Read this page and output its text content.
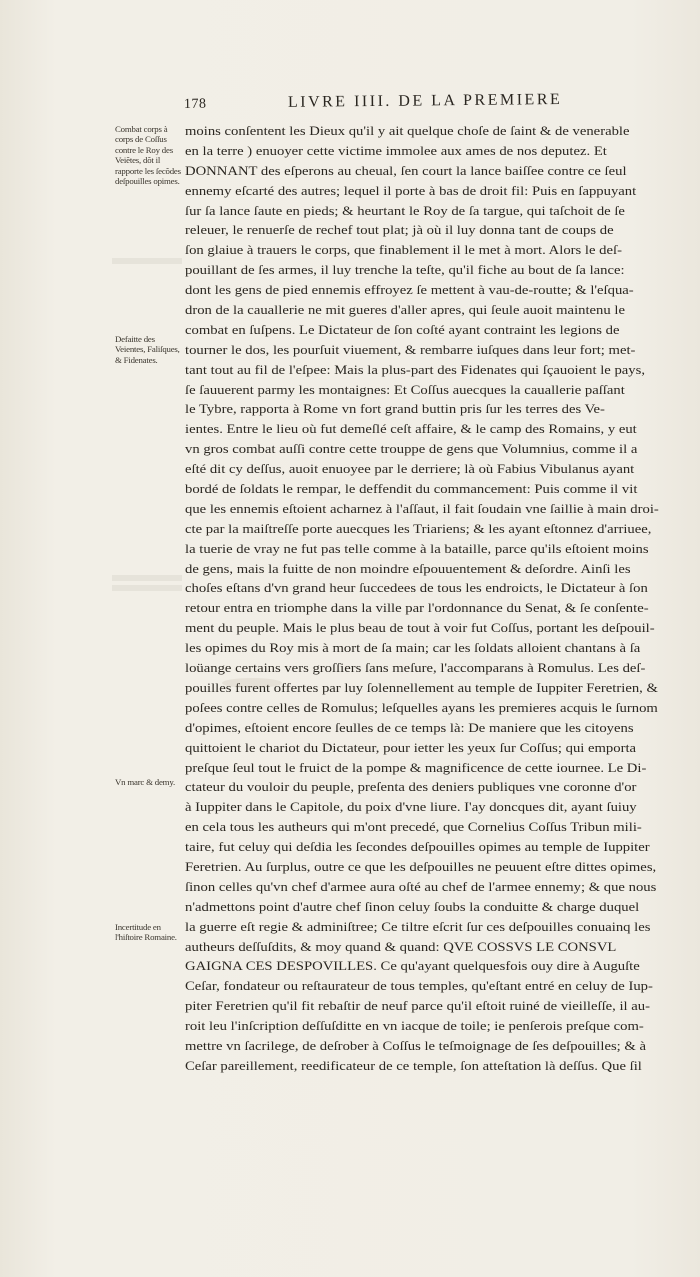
178	LIVRE IIII. DE LA PREMIERE
Combat corps à corps de Coſſus contre le Roy des Veiẽtes, dõt il rapporte les ſecõdes deſpouilles opimes.
Defaitte des Veientes, Faliſques, & Fidenates.
Vn marc & demy.
Incertitude en l'hiſtoire Romaine.
moins conſentent les Dieux qu'il y ait quelque choſe de ſaint & de venerable
en la terre ) enuoyer cette victime immolee aux ames de nos deputez. Et
DONNANT des eſperons au cheual, ſen court la lance baiſſee contre ce ſeul
ennemy eſcarté des autres; lequel il porte à bas de droit fil: Puis en ſappuyant
ſur ſa lance ſaute en pieds; & heurtant le Roy de ſa targue, qui taſchoit de ſe
releuer, le renuerſe de rechef tout plat; jà où il luy donna tant de coups de
ſon glaiue à trauers le corps, que finablement il le met à mort. Alors le deſ-
pouillant de ſes armes, il luy trenche la teſte, qu'il fiche au bout de ſa lance:
dont les gens de pied ennemis effroyez ſe mettent à vau-de-routte; & l'eſqua-
dron de la cauallerie ne mit gueres d'aller apres, qui ſeule auoit maintenu le
combat en ſuſpens. Le Dictateur de ſon coſté ayant contraint les legions de
tourner le dos, les pourſuit viuement, & rembarre iuſques dans leur fort; met-
tant tout au fil de l'eſpee: Mais la plus-part des Fidenates qui ſçauoient le pays,
ſe ſauuerent parmy les montaignes: Et Coſſus auecques la cauallerie paſſant
le Tybre, rapporta à Rome vn fort grand buttin pris ſur les terres des Ve-
ientes. Entre le lieu où fut demeſlé ceſt affaire, & le camp des Romains, y eut
vn gros combat auſſi contre cette trouppe de gens que Volumnius, comme il a
eſté dit cy deſſus, auoit enuoyee par le derriere; là où Fabius Vibulanus ayant
bordé de ſoldats le rempar, le deffendit du commancement: Puis comme il vit
que les ennemis eſtoient acharnez à l'aſſaut, il fait ſoudain vne ſaillie à main droi-
cte par la maiſtreſſe porte auecques les Triariens; & les ayant eſtonnez d'arriuee,
la tuerie de vray ne fut pas telle comme à la bataille, parce qu'ils eſtoient moins
de gens, mais la fuitte de non moindre eſpouuentement & deſordre. Ainſi les
choſes eſtans d'vn grand heur ſuccedees de tous les endroicts, le Dictateur à ſon
retour entra en triomphe dans la ville par l'ordonnance du Senat, & ſe conſente-
ment du peuple. Mais le plus beau de tout à voir fut Coſſus, portant les deſpouil-
les opimes du Roy mis à mort de ſa main; car les ſoldats alloient chantans à ſa
loüange certains vers groſſiers ſans meſure, l'accomparans à Romulus. Les deſ-
pouilles furent offertes par luy ſolennellement au temple de Iuppiter Feretrien, &
poſees contre celles de Romulus; leſquelles ayans les premieres acquis le ſurnom
d'opimes, eſtoient encore ſeulles de ce temps là: De maniere que les citoyens
quittoient le chariot du Dictateur, pour ietter les yeux ſur Coſſus; qui emporta
preſque ſeul tout le fruict de la pompe & magnificence de cette iournee. Le Di-
ctateur du vouloir du peuple, preſenta des deniers publiques vne coronne d'or
à Iuppiter dans le Capitole, du poix d'vne liure. I'ay doncques dit, ayant ſuiuy
en cela tous les autheurs qui m'ont precedé, que Cornelius Coſſus Tribun mili-
taire, fut celuy qui deſdia les ſecondes deſpouilles opimes au temple de Iuppiter
Feretrien. Au ſurplus, outre ce que les deſpouilles ne peuuent eſtre dittes opimes,
ſinon celles qu'vn chef d'armee aura oſté au chef de l'armee ennemy; & que nous
n'admettons point d'autre chef ſinon celuy ſoubs la conduitte & charge duquel
la guerre eſt regie & adminiſtree; Ce tiltre eſcrit ſur ces deſpouilles conuainq les
autheurs deſſuſdits, & moy quand & quand: QVE COSSVS LE CONSVL
GAIGNA CES DESPOVILLES. Ce qu'ayant quelquesfois ouy dire à Auguſte
Ceſar, fondateur ou reſtaurateur de tous temples, qu'eſtant entré en celuy de Iup-
piter Feretrien qu'il fit rebaſtir de neuf parce qu'il eſtoit ruiné de vieilleſſe, il au-
roit leu l'inſcription deſſuſditte en vn iacque de toile; ie penſerois preſque com-
mettre vn ſacrilege, de deſrober à Coſſus le teſmoignage de ſes deſpouilles; & à
Ceſar pareillement, reedificateur de ce temple, ſon atteſtation là deſſus. Que ſil
